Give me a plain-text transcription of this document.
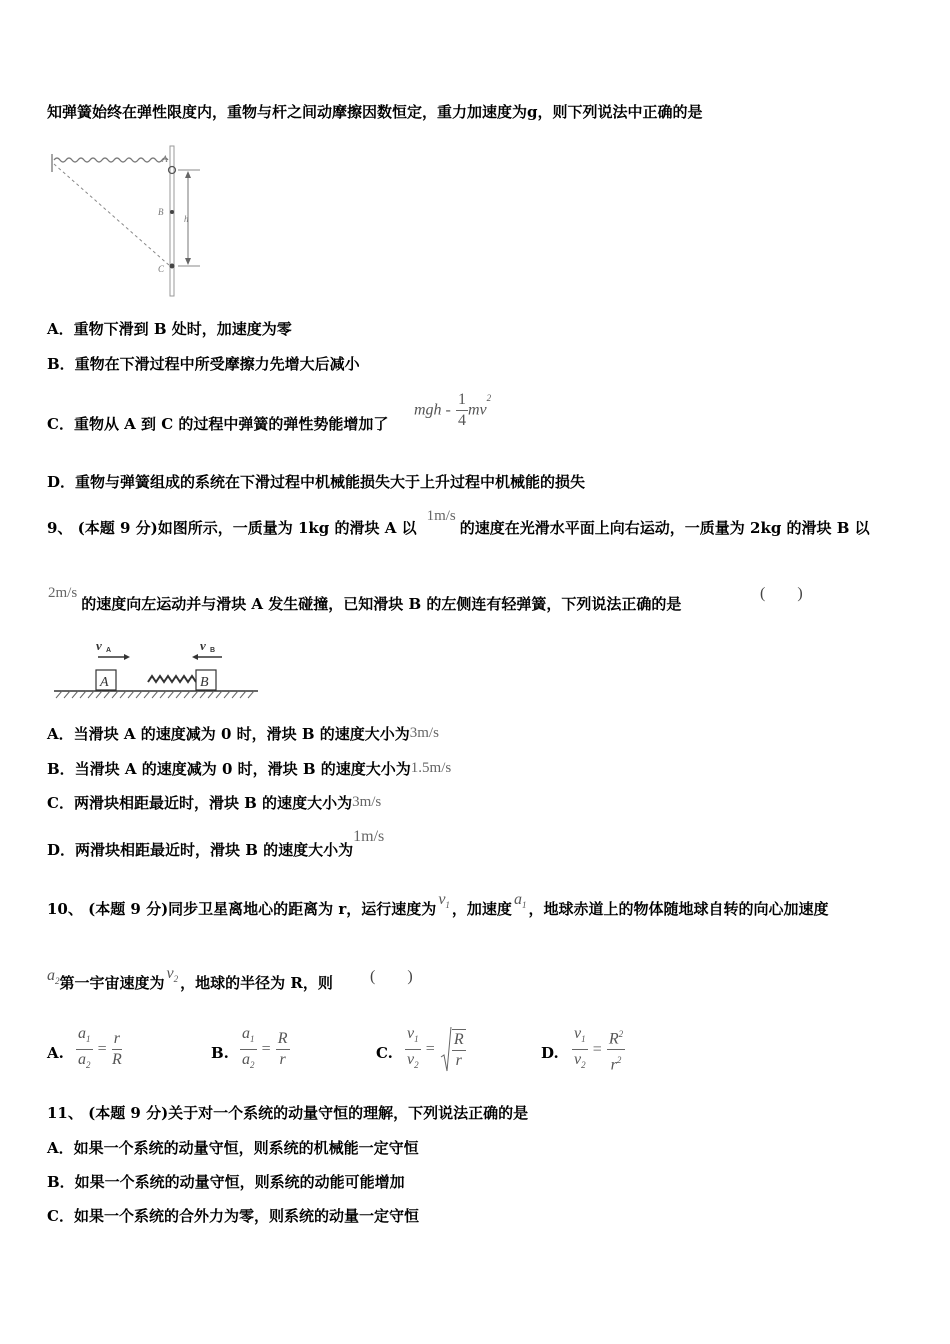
知弹簧始终在弹性限度内，重物与杆之间动摩擦因数恒定，重力加速度为g，则下列说法中正确的是
A
B
C
h
A．重物下滑到 B 处时，加速度为零
B．重物在下滑过程中所受摩擦力先增大后减小
C．重物从 A 到 C 的过程中弹簧的弹性势能增加了
mgh - $\frac{1}{4} mv^2$
D．重物与弹簧组成的系统在下滑过程中机械能损失大于上升过程中机械能的损失
9、 (本题 9 分)如图所示，一质量为 1kg 的滑块 A 以1m/s的速度在光滑水平面上向右运动，一质量为 2kg 的滑块 B 以
2m/s的速度向左运动并与滑块 A 发生碰撞，已知滑块 B 的左侧连有轻弹簧，下列说法正确的是
(　　)
v A	v B
A	B
A．当滑块 A 的速度减为 0 时，滑块 B 的速度大小为3m/s
B．当滑块 A 的速度减为 0 时，滑块 B 的速度大小为1.5m/s
C．两滑块相距最近时，滑块 B 的速度大小为3m/s
D．两滑块相距最近时，滑块 B 的速度大小为1m/s
10、 (本题 9 分)同步卫星离地心的距离为 r，运行速度为$v_1$ ，加速度$a_1$ ，地球赤道上的物体随地球自转的向心加速度
$a_2$第一宇宙速度为$v_2$ ，地球的半径为 R，则 (　　)
A. $\frac{a_1}{a_2} = \frac{r}{R}$	B. $\frac{a_1}{a_2} = \frac{R}{r}$	C. $\frac{v_1}{v_2} = \frac{R}{r}$	D. $\frac{v_1}{v_2} = \frac{R^2}{r^2}$
11、 (本题 9 分)关于对一个系统的动量守恒的理解，下列说法正确的是
A．如果一个系统的动量守恒，则系统的机械能一定守恒
B．如果一个系统的动量守恒，则系统的动能可能增加
C．如果一个系统的合外力为零，则系统的动量一定守恒
